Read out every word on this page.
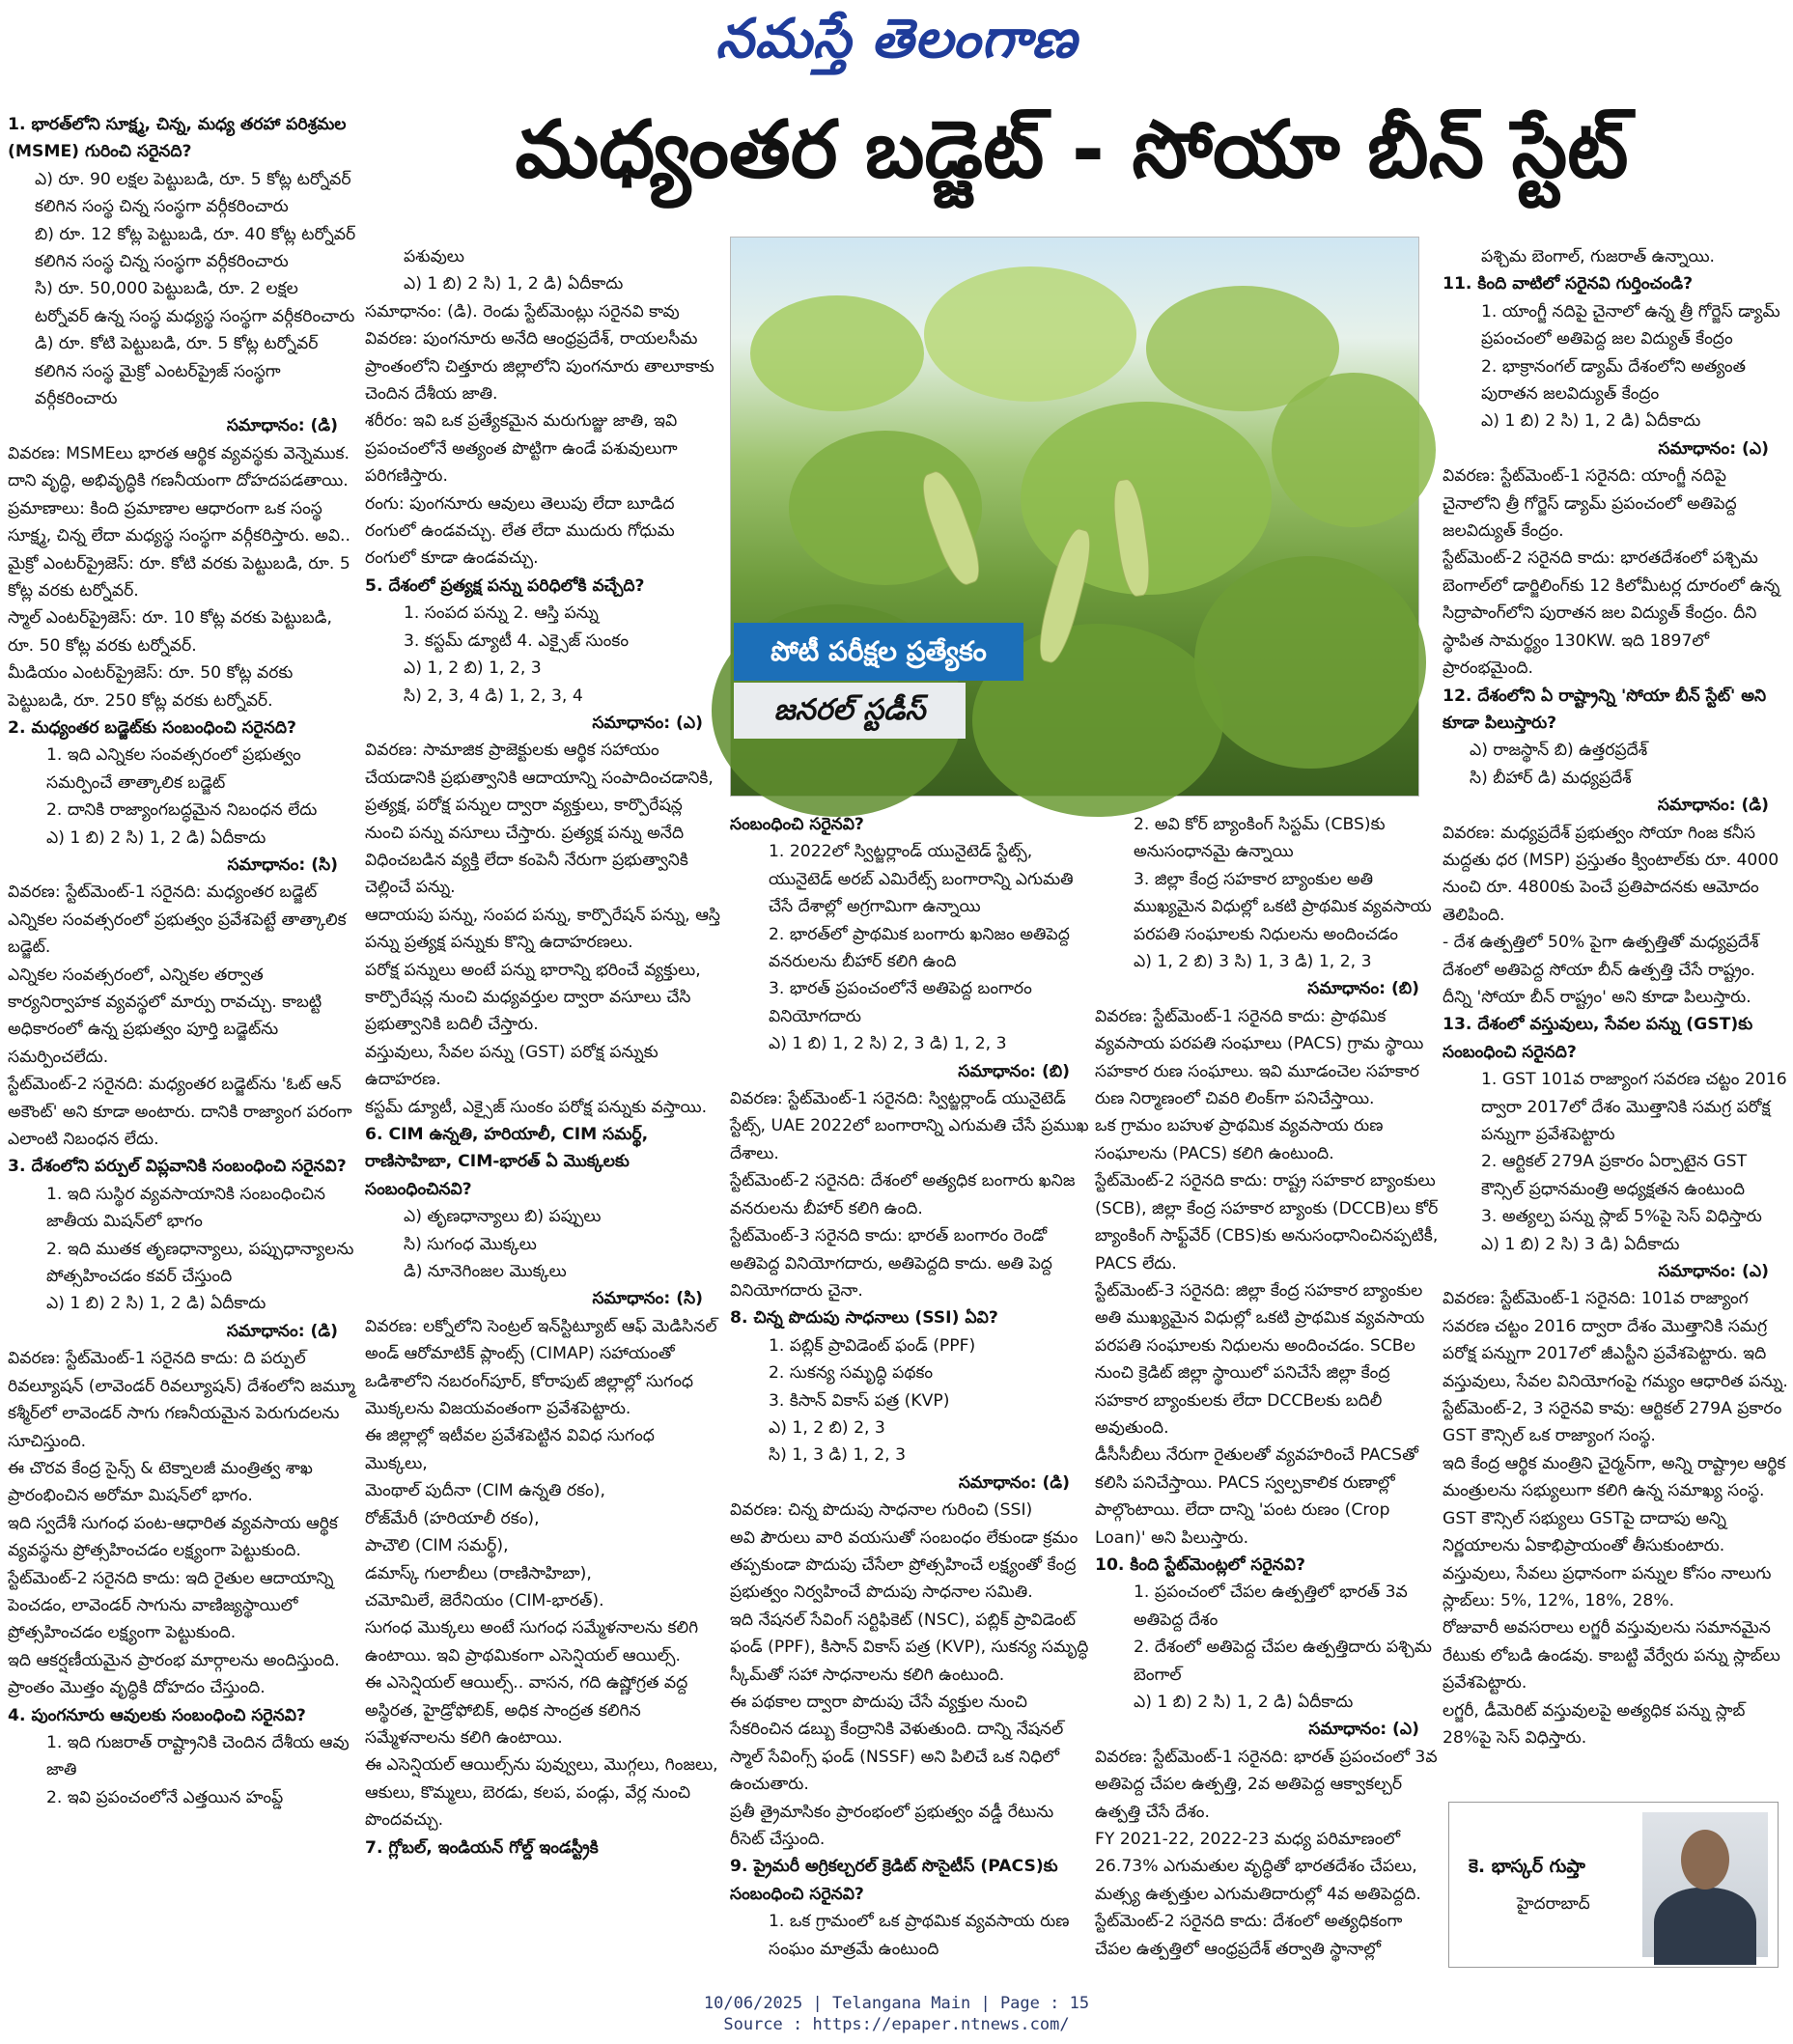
నమస్తే తెలంగాణ
మధ్యంతర బడ్జెట్ - సోయా బీన్ స్టేట్
పోటీ పరీక్షల ప్రత్యేకం
జనరల్ స్టడీస్

1. భారత్‌లోని సూక్ష్మ, చిన్న, మధ్య తరహా పరిశ్రమల (MSME) గురించి సరైనది?

ఎ) రూ. 90 లక్షల పెట్టుబడి, రూ. 5 కోట్ల టర్నోవర్ కలిగిన సంస్థ చిన్న సంస్థగా వర్గీకరించారు

బి) రూ. 12 కోట్ల పెట్టుబడి, రూ. 40 కోట్ల టర్నోవర్ కలిగిన సంస్థ చిన్న సంస్థగా వర్గీకరించారు

సి) రూ. 50,000 పెట్టుబడి, రూ. 2 లక్షల టర్నోవర్ ఉన్న సంస్థ మధ్యస్థ సంస్థగా వర్గీకరించారు

డి) రూ. కోటి పెట్టుబడి, రూ. 5 కోట్ల టర్నోవర్ కలిగిన సంస్థ మైక్రో ఎంటర్‌ప్రైజ్ సంస్థగా వర్గీకరించారు

సమాధానం: (డి)

వివరణ: MSMEలు భారత ఆర్థిక వ్యవస్థకు వెన్నెముక. దాని వృద్ధి, అభివృద్ధికి గణనీయంగా దోహదపడతాయి.

ప్రమాణాలు: కింది ప్రమాణాల ఆధారంగా ఒక సంస్థ సూక్ష్మ, చిన్న లేదా మధ్యస్థ సంస్థగా వర్గీకరిస్తారు. అవి..

మైక్రో ఎంటర్‌ప్రైజెస్: రూ. కోటి వరకు పెట్టుబడి, రూ. 5 కోట్ల వరకు టర్నోవర్.

స్మాల్ ఎంటర్‌ప్రైజెస్: రూ. 10 కోట్ల వరకు పెట్టుబడి, రూ. 50 కోట్ల వరకు టర్నోవర్.

మీడియం ఎంటర్‌ప్రైజెస్: రూ. 50 కోట్ల వరకు పెట్టుబడి, రూ. 250 కోట్ల వరకు టర్నోవర్.

2. మధ్యంతర బడ్జెట్‌కు సంబంధించి సరైనది?

1. ఇది ఎన్నికల సంవత్సరంలో ప్రభుత్వం సమర్పించే తాత్కాలిక బడ్జెట్

2. దానికి రాజ్యాంగబద్ధమైన నిబంధన లేదు

ఎ) 1 బి) 2 సి) 1, 2 డి) ఏదీకాదు

సమాధానం: (సి)

వివరణ: స్టేట్‌మెంట్-1 సరైనది: మధ్యంతర బడ్జెట్ ఎన్నికల సంవత్సరంలో ప్రభుత్వం ప్రవేశపెట్టే తాత్కాలిక బడ్జెట్.

ఎన్నికల సంవత్సరంలో, ఎన్నికల తర్వాత కార్యనిర్వాహక వ్యవస్థలో మార్పు రావచ్చు. కాబట్టి అధికారంలో ఉన్న ప్రభుత్వం పూర్తి బడ్జెట్‌ను సమర్పించలేదు.

స్టేట్‌మెంట్-2 సరైనది: మధ్యంతర బడ్జెట్‌ను 'ఓట్ ఆన్ అకౌంట్' అని కూడా అంటారు. దానికి రాజ్యాంగ పరంగా ఎలాంటి నిబంధన లేదు.

3. దేశంలోని పర్పుల్ విప్లవానికి సంబంధించి సరైనవి?

1. ఇది సుస్థిర వ్యవసాయానికి సంబంధించిన జాతీయ మిషన్‌లో భాగం

2. ఇది ముతక తృణధాన్యాలు, పప్పుధాన్యాలను పోత్సహించడం కవర్ చేస్తుంది

ఎ) 1 బి) 2 సి) 1, 2 డి) ఏదీకాదు

సమాధానం: (డి)

వివరణ: స్టేట్‌మెంట్-1 సరైనది కాదు: ది పర్పుల్ రివల్యూషన్ (లావెండర్ రివల్యూషన్) దేశంలోని జమ్మూ కశ్మీర్‌లో లావెండర్ సాగు గణనీయమైన పెరుగుదలను సూచిస్తుంది.

ఈ చొరవ కేంద్ర సైన్స్ & టెక్నాలజీ మంత్రిత్వ శాఖ ప్రారంభించిన అరోమా మిషన్‌లో భాగం.

ఇది స్వదేశీ సుగంధ పంట-ఆధారిత వ్యవసాయ ఆర్థిక వ్యవస్థను ప్రోత్సహించడం లక్ష్యంగా పెట్టుకుంది.

స్టేట్‌మెంట్-2 సరైనది కాదు: ఇది రైతుల ఆదాయాన్ని పెంచడం, లావెండర్ సాగును వాణిజ్యస్థాయిలో ప్రోత్సహించడం లక్ష్యంగా పెట్టుకుంది.

ఇది ఆకర్షణీయమైన ప్రారంభ మార్గాలను అందిస్తుంది. ప్రాంతం మొత్తం వృద్ధికి దోహదం చేస్తుంది.

4. పుంగనూరు ఆవులకు సంబంధించి సరైనవి?

1. ఇది గుజరాత్ రాష్ట్రానికి చెందిన దేశీయ ఆవు జాతి

2. ఇవి ప్రపంచంలోనే ఎత్తయిన హంప్డ్

పశువులు

ఎ) 1 బి) 2 సి) 1, 2 డి) ఏదీకాదు

సమాధానం: (డి). రెండు స్టేట్‌మెంట్లు సరైనవి కావు

వివరణ: పుంగనూరు అనేది ఆంధ్రప్రదేశ్, రాయలసీమ ప్రాంతంలోని చిత్తూరు జిల్లాలోని పుంగనూరు తాలూకాకు చెందిన దేశీయ జాతి.

శరీరం: ఇవి ఒక ప్రత్యేకమైన మరుగుజ్జు జాతి, ఇవి ప్రపంచంలోనే అత్యంత పొట్టిగా ఉండే పశువులుగా పరిగణిస్తారు.

రంగు: పుంగనూరు ఆవులు తెలుపు లేదా బూడిద రంగులో ఉండవచ్చు. లేత లేదా ముదురు గోధుమ రంగులో కూడా ఉండవచ్చు.

5. దేశంలో ప్రత్యక్ష పన్ను పరిధిలోకి వచ్చేది?

1. సంపద పన్ను 2. ఆస్తి పన్ను

3. కస్టమ్ డ్యూటీ 4. ఎక్సైజ్ సుంకం

ఎ) 1, 2 బి) 1, 2, 3

సి) 2, 3, 4 డి) 1, 2, 3, 4

సమాధానం: (ఎ)

వివరణ: సామాజిక ప్రాజెక్టులకు ఆర్థిక సహాయం చేయడానికి ప్రభుత్వానికి ఆదాయాన్ని సంపాదించడానికి, ప్రత్యక్ష, పరోక్ష పన్నుల ద్వారా వ్యక్తులు, కార్పొరేషన్ల నుంచి పన్ను వసూలు చేస్తారు. ప్రత్యక్ష పన్ను అనేది విధించబడిన వ్యక్తి లేదా కంపెనీ నేరుగా ప్రభుత్వానికి చెల్లించే పన్ను.

ఆదాయపు పన్ను, సంపద పన్ను, కార్పొరేషన్ పన్ను, ఆస్తి పన్ను ప్రత్యక్ష పన్నుకు కొన్ని ఉదాహరణలు.

పరోక్ష పన్నులు అంటే పన్ను భారాన్ని భరించే వ్యక్తులు, కార్పొరేషన్ల నుంచి మధ్యవర్తుల ద్వారా వసూలు చేసి ప్రభుత్వానికి బదిలీ చేస్తారు.

వస్తువులు, సేవల పన్ను (GST) పరోక్ష పన్నుకు ఉదాహరణ.

కస్టమ్ డ్యూటీ, ఎక్సైజ్ సుంకం పరోక్ష పన్నుకు వస్తాయి.

6. CIM ఉన్నతి, హరియాలీ, CIM సమర్థ్, రాణిసాహిబా, CIM-భారత్ ఏ మొక్కలకు సంబంధించినవి?

ఎ) తృణధాన్యాలు బి) పప్పులు

సి) సుగంధ మొక్కలు

డి) నూనెగింజల మొక్కలు

సమాధానం: (సి)

వివరణ: లక్నోలోని సెంట్రల్ ఇన్‌స్టిట్యూట్ ఆఫ్ మెడిసినల్ అండ్ ఆరోమాటిక్ ప్లాంట్స్ (CIMAP) సహాయంతో ఒడిశాలోని నబరంగ్‌పూర్, కోరాపుట్ జిల్లాల్లో సుగంధ మొక్కలను విజయవంతంగా ప్రవేశపెట్టారు.

ఈ జిల్లాల్లో ఇటీవల ప్రవేశపెట్టిన వివిధ సుగంధ మొక్కలు,

మెంథాల్ పుదీనా (CIM ఉన్నతి రకం),

రోజ్‌మేరీ (హరియాలీ రకం),

పాచౌలి (CIM సమర్థ్),

డమాస్క్ గులాబీలు (రాణిసాహిబా),

చమోమిలే, జెరేనియం (CIM-భారత్).

సుగంధ మొక్కలు అంటే సుగంధ సమ్మేళనాలను కలిగి ఉంటాయి. ఇవి ప్రాథమికంగా ఎసెన్షియల్ ఆయిల్స్.

ఈ ఎసెన్షియల్ ఆయిల్స్.. వాసన, గది ఉష్ణోగ్రత వద్ద అస్థిరత, హైడ్రోఫోబిక్, అధిక సాంద్రత కలిగిన సమ్మేళనాలను కలిగి ఉంటాయి.

ఈ ఎసెన్షియల్ ఆయిల్స్‌ను పువ్వులు, మొగ్గలు, గింజలు, ఆకులు, కొమ్మలు, బెరడు, కలప, పండ్లు, వేర్ల నుంచి పొందవచ్చు.

7. గ్లోబల్, ఇండియన్ గోల్డ్ ఇండస్ట్రీకి

సంబంధించి సరైనవి?

1. 2022లో స్విట్జర్లాండ్ యునైటెడ్ స్టేట్స్, యునైటెడ్ అరబ్ ఎమిరేట్స్ బంగారాన్ని ఎగుమతి చేసే దేశాల్లో అగ్రగామిగా ఉన్నాయి

2. భారత్‌లో ప్రాథమిక బంగారు ఖనిజం అతిపెద్ద వనరులను బీహార్ కలిగి ఉంది

3. భారత్ ప్రపంచంలోనే అతిపెద్ద బంగారం వినియోగదారు

ఎ) 1 బి) 1, 2 సి) 2, 3 డి) 1, 2, 3

సమాధానం: (బి)

వివరణ: స్టేట్‌మెంట్-1 సరైనది: స్విట్జర్లాండ్ యునైటెడ్ స్టేట్స్, UAE 2022లో బంగారాన్ని ఎగుమతి చేసే ప్రముఖ దేశాలు.

స్టేట్‌మెంట్-2 సరైనది: దేశంలో అత్యధిక బంగారు ఖనిజ వనరులను బీహార్ కలిగి ఉంది.

స్టేట్‌మెంట్-3 సరైనది కాదు: భారత్ బంగారం రెండో అతిపెద్ద వినియోగదారు, అతిపెద్దది కాదు. అతి పెద్ద వినియోగదారు చైనా.

8. చిన్న పొదుపు సాధనాలు (SSI) ఏవి?

1. పబ్లిక్ ప్రావిడెంట్ ఫండ్ (PPF)

2. సుకన్య సమృద్ధి పథకం

3. కిసాన్ వికాస్ పత్ర (KVP)

ఎ) 1, 2 బి) 2, 3

సి) 1, 3 డి) 1, 2, 3

సమాధానం: (డి)

వివరణ: చిన్న పొదుపు సాధనాల గురించి (SSI)

అవి పౌరులు వారి వయసుతో సంబంధం లేకుండా క్రమం తప్పకుండా పొదుపు చేసేలా ప్రోత్సహించే లక్ష్యంతో కేంద్ర ప్రభుత్వం నిర్వహించే పొదుపు సాధనాల సమితి.

ఇది నేషనల్ సేవింగ్ సర్టిఫికెట్ (NSC), పబ్లిక్ ప్రావిడెంట్ ఫండ్ (PPF), కిసాన్ వికాస్ పత్ర (KVP), సుకన్య సమృద్ధి స్కీమ్‌తో సహా సాధనాలను కలిగి ఉంటుంది.

ఈ పథకాల ద్వారా పొదుపు చేసే వ్యక్తుల నుంచి సేకరించిన డబ్బు కేంద్రానికి వెళుతుంది. దాన్ని నేషనల్ స్మాల్ సేవింగ్స్ ఫండ్ (NSSF) అని పిలిచే ఒక నిధిలో ఉంచుతారు.

ప్రతీ త్రైమాసికం ప్రారంభంలో ప్రభుత్వం వడ్డీ రేటును రీసెట్ చేస్తుంది.

9. ప్రైమరీ అగ్రికల్చరల్ క్రెడిట్ సొసైటీస్ (PACS)కు సంబంధించి సరైనవి?

1. ఒక గ్రామంలో ఒక ప్రాథమిక వ్యవసాయ రుణ సంఘం మాత్రమే ఉంటుంది

2. అవి కోర్ బ్యాంకింగ్ సిస్టమ్ (CBS)కు అనుసంధానమై ఉన్నాయి

3. జిల్లా కేంద్ర సహకార బ్యాంకుల అతి ముఖ్యమైన విధుల్లో ఒకటి ప్రాథమిక వ్యవసాయ పరపతి సంఘాలకు నిధులను అందించడం

ఎ) 1, 2 బి) 3 సి) 1, 3 డి) 1, 2, 3

సమాధానం: (బి)

వివరణ: స్టేట్‌మెంట్-1 సరైనది కాదు: ప్రాథమిక వ్యవసాయ పరపతి సంఘాలు (PACS) గ్రామ స్థాయి సహకార రుణ సంఘాలు. ఇవి మూడంచెల సహకార రుణ నిర్మాణంలో చివరి లింక్‌గా పనిచేస్తాయి.

ఒక గ్రామం బహుళ ప్రాథమిక వ్యవసాయ రుణ సంఘాలను (PACS) కలిగి ఉంటుంది.

స్టేట్‌మెంట్-2 సరైనది కాదు: రాష్ట్ర సహకార బ్యాంకులు (SCB), జిల్లా కేంద్ర సహకార బ్యాంకు (DCCB)లు కోర్ బ్యాంకింగ్ సాఫ్ట్‌వేర్ (CBS)కు అనుసంధానించినప్పటికీ, PACS లేదు.

స్టేట్‌మెంట్-3 సరైనది: జిల్లా కేంద్ర సహకార బ్యాంకుల అతి ముఖ్యమైన విధుల్లో ఒకటి ప్రాథమిక వ్యవసాయ పరపతి సంఘాలకు నిధులను అందించడం. SCBల నుంచి క్రెడిట్ జిల్లా స్థాయిలో పనిచేసే జిల్లా కేంద్ర సహకార బ్యాంకులకు లేదా DCCBలకు బదిలీ అవుతుంది.

డీసీసీబీలు నేరుగా రైతులతో వ్యవహరించే PACSతో కలిసి పనిచేస్తాయి. PACS స్వల్పకాలిక రుణాల్లో పాల్గొంటాయి. లేదా దాన్ని 'పంట రుణం (Crop Loan)' అని పిలుస్తారు.

10. కింది స్టేట్‌మెంట్లలో సరైనవి?

1. ప్రపంచంలో చేపల ఉత్పత్తిలో భారత్ 3వ అతిపెద్ద దేశం

2. దేశంలో అతిపెద్ద చేపల ఉత్పత్తిదారు పశ్చిమ బెంగాల్

ఎ) 1 బి) 2 సి) 1, 2 డి) ఏదీకాదు

సమాధానం: (ఎ)

వివరణ: స్టేట్‌మెంట్-1 సరైనది: భారత్ ప్రపంచంలో 3వ అతిపెద్ద చేపల ఉత్పత్తి, 2వ అతిపెద్ద ఆక్వాకల్చర్ ఉత్పత్తి చేసే దేశం.

FY 2021-22, 2022-23 మధ్య పరిమాణంలో 26.73% ఎగుమతుల వృద్ధితో భారతదేశం చేపలు, మత్స్య ఉత్పత్తుల ఎగుమతిదారుల్లో 4వ అతిపెద్దది.

స్టేట్‌మెంట్-2 సరైనది కాదు: దేశంలో అత్యధికంగా చేపల ఉత్పత్తిలో ఆంధ్రప్రదేశ్ తర్వాతి స్థానాల్లో

పశ్చిమ బెంగాల్, గుజరాత్ ఉన్నాయి.

11. కింది వాటిలో సరైనవి గుర్తించండి?

1. యాంగ్జీ నదిపై చైనాలో ఉన్న త్రీ గోర్జెస్ డ్యామ్ ప్రపంచంలో అతిపెద్ద జల విద్యుత్ కేంద్రం

2. భాక్రానంగల్ డ్యామ్ దేశంలోని అత్యంత పురాతన జలవిద్యుత్ కేంద్రం

ఎ) 1 బి) 2 సి) 1, 2 డి) ఏదీకాదు

సమాధానం: (ఎ)

వివరణ: స్టేట్‌మెంట్-1 సరైనది: యాంగ్జీ నదిపై చైనాలోని త్రీ గోర్జెస్ డ్యామ్ ప్రపంచంలో అతిపెద్ద జలవిద్యుత్ కేంద్రం.

స్టేట్‌మెంట్-2 సరైనది కాదు: భారతదేశంలో పశ్చిమ బెంగాల్‌లో డార్జిలింగ్‌కు 12 కిలోమీటర్ల దూరంలో ఉన్న సిద్రాపాంగ్‌లోని పురాతన జల విద్యుత్ కేంద్రం. దీని స్థాపిత సామర్థ్యం 130KW. ఇది 1897లో ప్రారంభమైంది.

12. దేశంలోని ఏ రాష్ట్రాన్ని 'సోయా బీన్ స్టేట్' అని కూడా పిలుస్తారు?

ఎ) రాజస్థాన్ బి) ఉత్తరప్రదేశ్

సి) బీహార్ డి) మధ్యప్రదేశ్

సమాధానం: (డి)

వివరణ: మధ్యప్రదేశ్ ప్రభుత్వం సోయా గింజ కనీస మద్దతు ధర (MSP) ప్రస్తుతం క్వింటాల్‌కు రూ. 4000 నుంచి రూ. 4800కు పెంచే ప్రతిపాదనకు ఆమోదం తెలిపింది.

- దేశ ఉత్పత్తిలో 50% పైగా ఉత్పత్తితో మధ్యప్రదేశ్ దేశంలో అతిపెద్ద సోయా బీన్ ఉత్పత్తి చేసే రాష్ట్రం. దీన్ని 'సోయా బీన్ రాష్ట్రం' అని కూడా పిలుస్తారు.

13. దేశంలో వస్తువులు, సేవల పన్ను (GST)కు సంబంధించి సరైనది?

1. GST 101వ రాజ్యాంగ సవరణ చట్టం 2016 ద్వారా 2017లో దేశం మొత్తానికి సమగ్ర పరోక్ష పన్నుగా ప్రవేశపెట్టారు

2. ఆర్టికల్ 279A ప్రకారం ఏర్పాటైన GST కౌన్సిల్ ప్రధానమంత్రి అధ్యక్షతన ఉంటుంది

3. అత్యల్ప పన్ను స్లాబ్ 5%పై సెస్ విధిస్తారు

ఎ) 1 బి) 2 సి) 3 డి) ఏదీకాదు

సమాధానం: (ఎ)

వివరణ: స్టేట్‌మెంట్-1 సరైనది: 101వ రాజ్యాంగ సవరణ చట్టం 2016 ద్వారా దేశం మొత్తానికి సమగ్ర పరోక్ష పన్నుగా 2017లో జీఎస్టీని ప్రవేశపెట్టారు. ఇది వస్తువులు, సేవల వినియోగంపై గమ్యం ఆధారిత పన్ను.

స్టేట్‌మెంట్-2, 3 సరైనవి కావు: ఆర్టికల్ 279A ప్రకారం GST కౌన్సిల్ ఒక రాజ్యాంగ సంస్థ.

ఇది కేంద్ర ఆర్థిక మంత్రిని చైర్మన్‌గా, అన్ని రాష్ట్రాల ఆర్థిక మంత్రులను సభ్యులుగా కలిగి ఉన్న సమాఖ్య సంస్థ.

GST కౌన్సిల్ సభ్యులు GSTపై దాదాపు అన్ని నిర్ణయాలను ఏకాభిప్రాయంతో తీసుకుంటారు.

వస్తువులు, సేవలు ప్రధానంగా పన్నుల కోసం నాలుగు స్లాబ్‌లు: 5%, 12%, 18%, 28%.

రోజువారీ అవసరాలు లగ్జరీ వస్తువులను సమానమైన రేటుకు లోబడి ఉండవు. కాబట్టి వేర్వేరు పన్ను స్లాబ్‌లు ప్రవేశపెట్టారు.

లగ్జరీ, డీమెరిట్ వస్తువులపై అత్యధిక పన్ను స్లాబ్ 28%పై సెస్ విధిస్తారు.

కె. భాస్కర్ గుప్తా
హైదరాబాద్
10/06/2025 | Telangana Main | Page : 15
Source : https://epaper.ntnews.com/
